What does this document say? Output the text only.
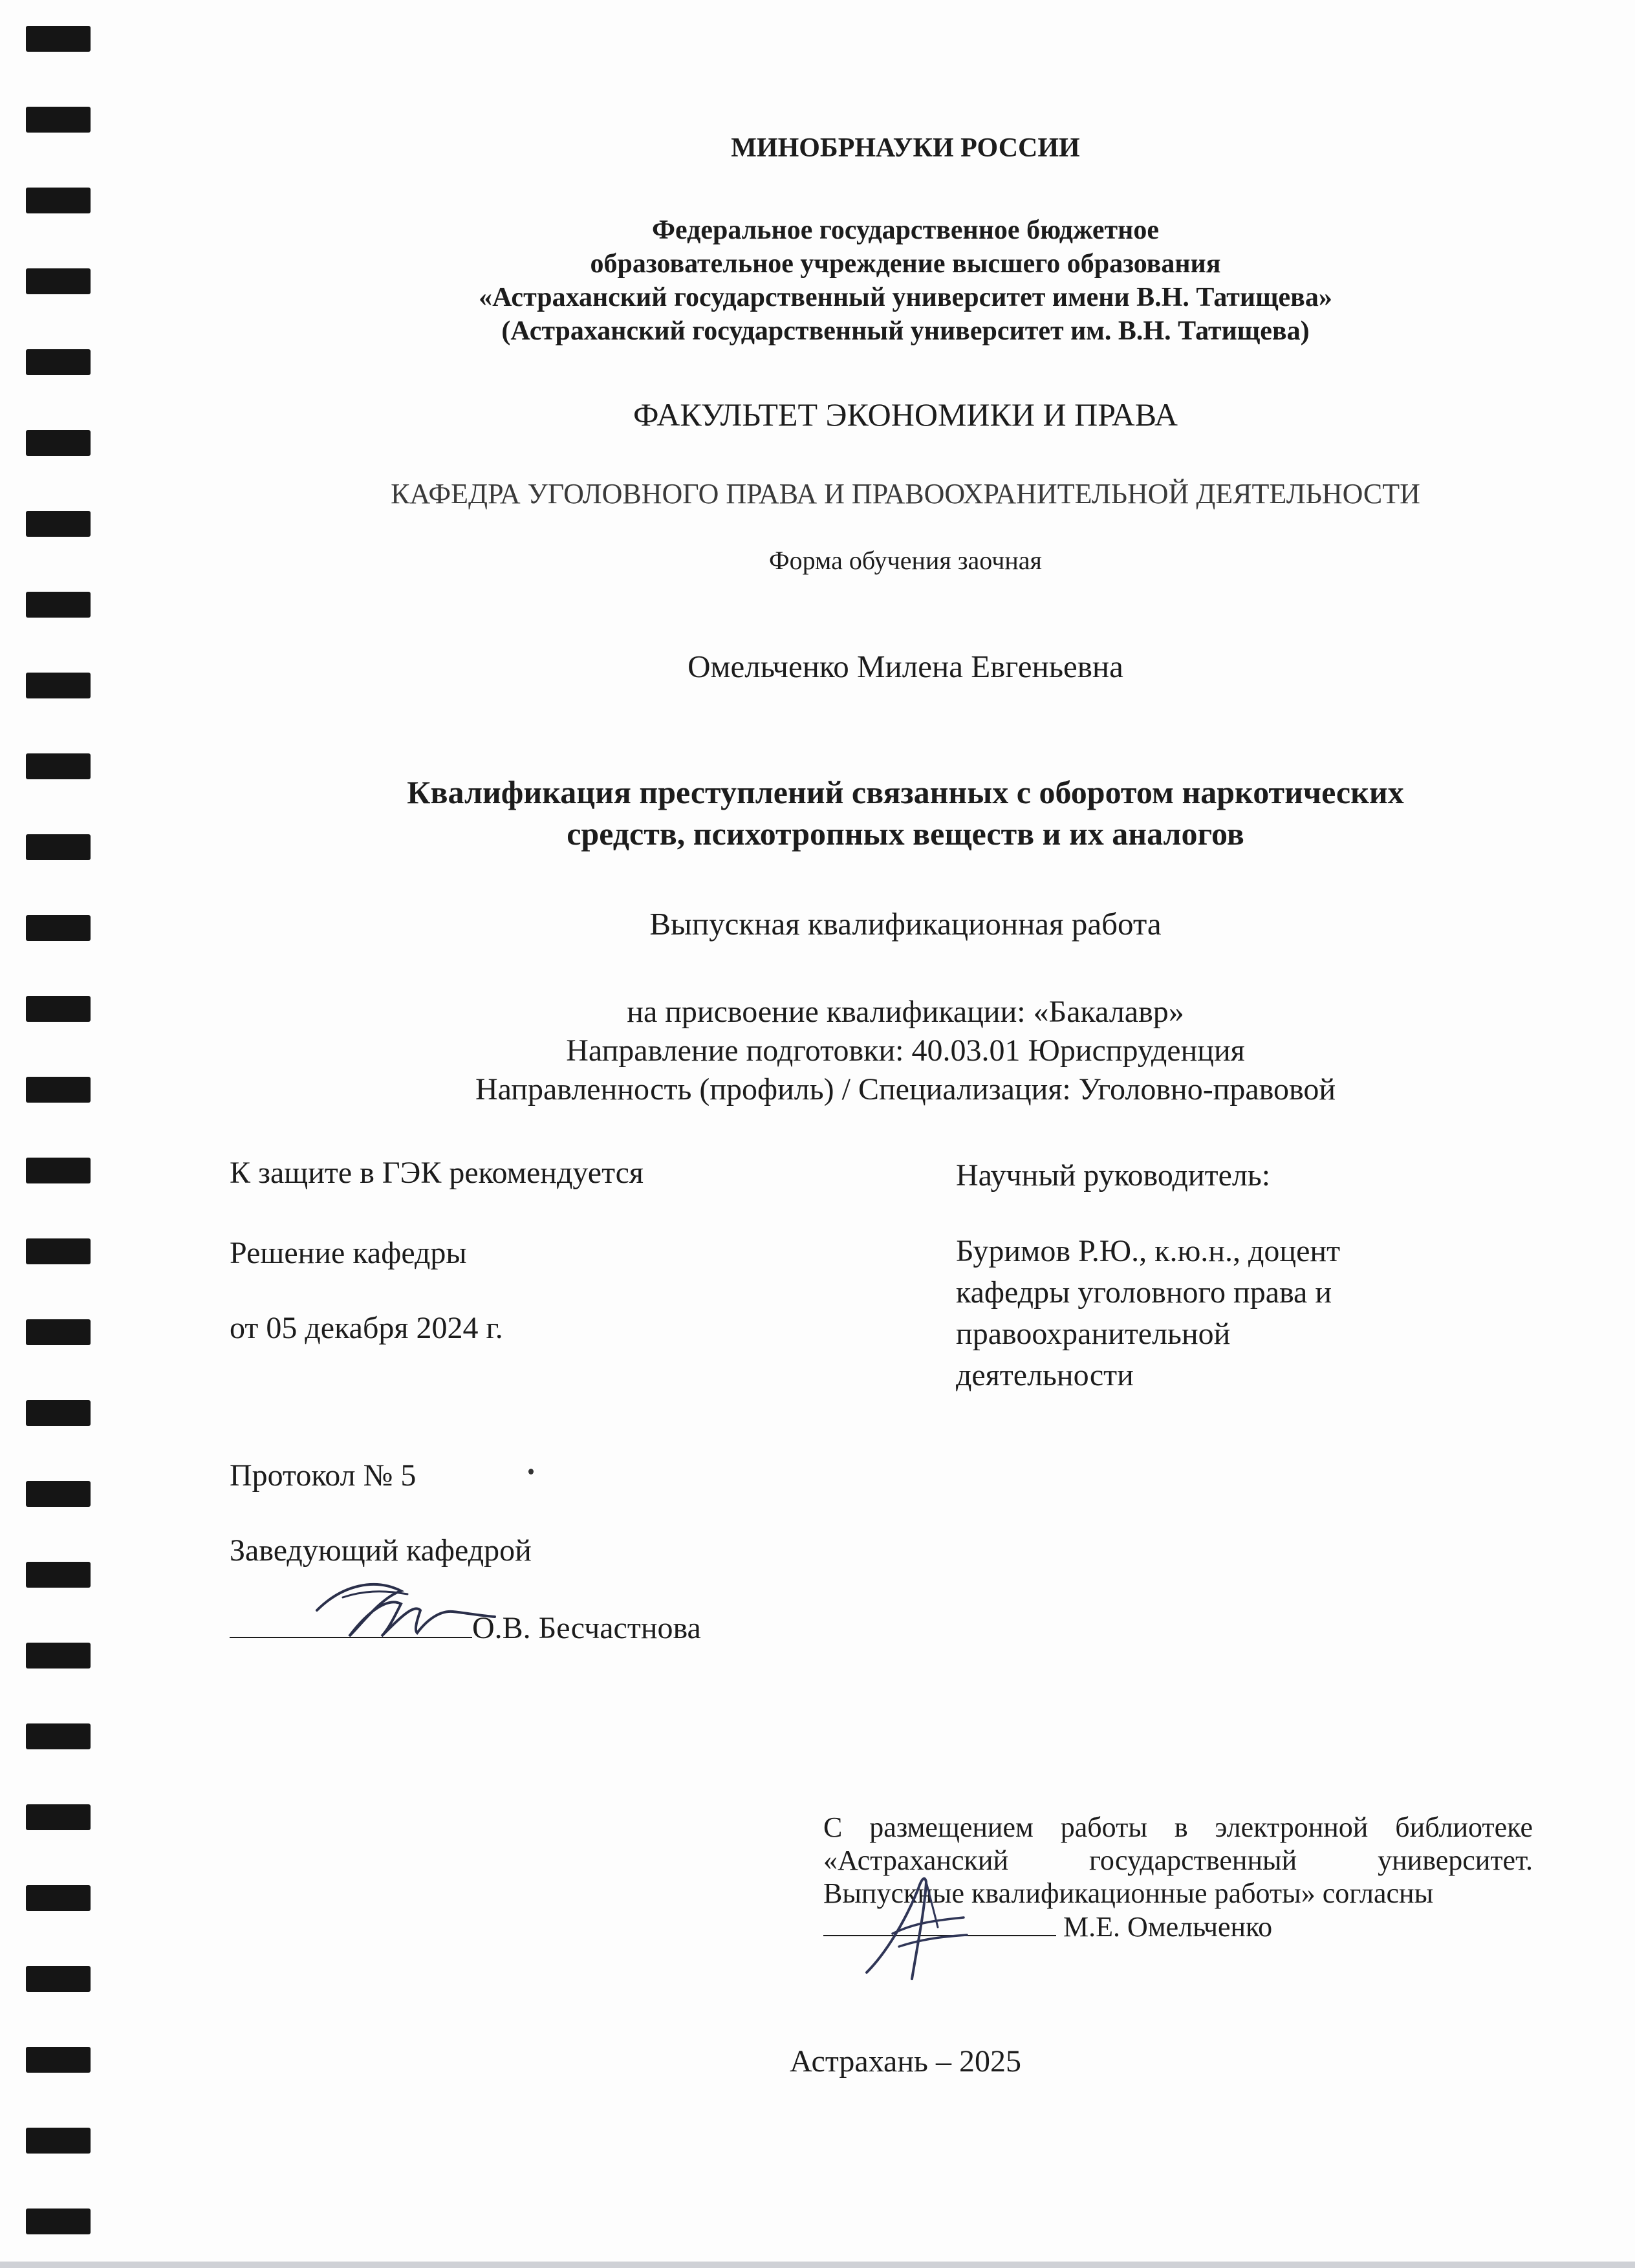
МИНОБРНАУКИ РОССИИ
Федеральное государственное бюджетное
образовательное учреждение высшего образования
«Астраханский государственный университет имени В.Н. Татищева»
(Астраханский государственный университет им. В.Н. Татищева)
ФАКУЛЬТЕТ ЭКОНОМИКИ И ПРАВА
КАФЕДРА УГОЛОВНОГО ПРАВА И ПРАВООХРАНИТЕЛЬНОЙ ДЕЯТЕЛЬНОСТИ
Форма обучения заочная
Омельченко Милена Евгеньевна
Квалификация преступлений связанных с оборотом наркотических
средств, психотропных веществ и их аналогов
Выпускная квалификационная работа
на присвоение квалификации: «Бакалавр»
Направление подготовки: 40.03.01 Юриспруденция
Направленность (профиль) / Специализация: Уголовно-правовой
К защите в ГЭК рекомендуется
Решение кафедры
от 05 декабря 2024 г.
Протокол № 5
Заведующий кафедрой
О.В. Бесчастнова
Научный руководитель:
Буримов Р.Ю., к.ю.н., доцент
кафедры уголовного права и
правоохранительной
деятельности
С размещением работы в электронной библиотеке «Астраханский государственный университет. Выпускные квалификационные работы» согласны
М.Е. Омельченко
Астрахань – 2025
